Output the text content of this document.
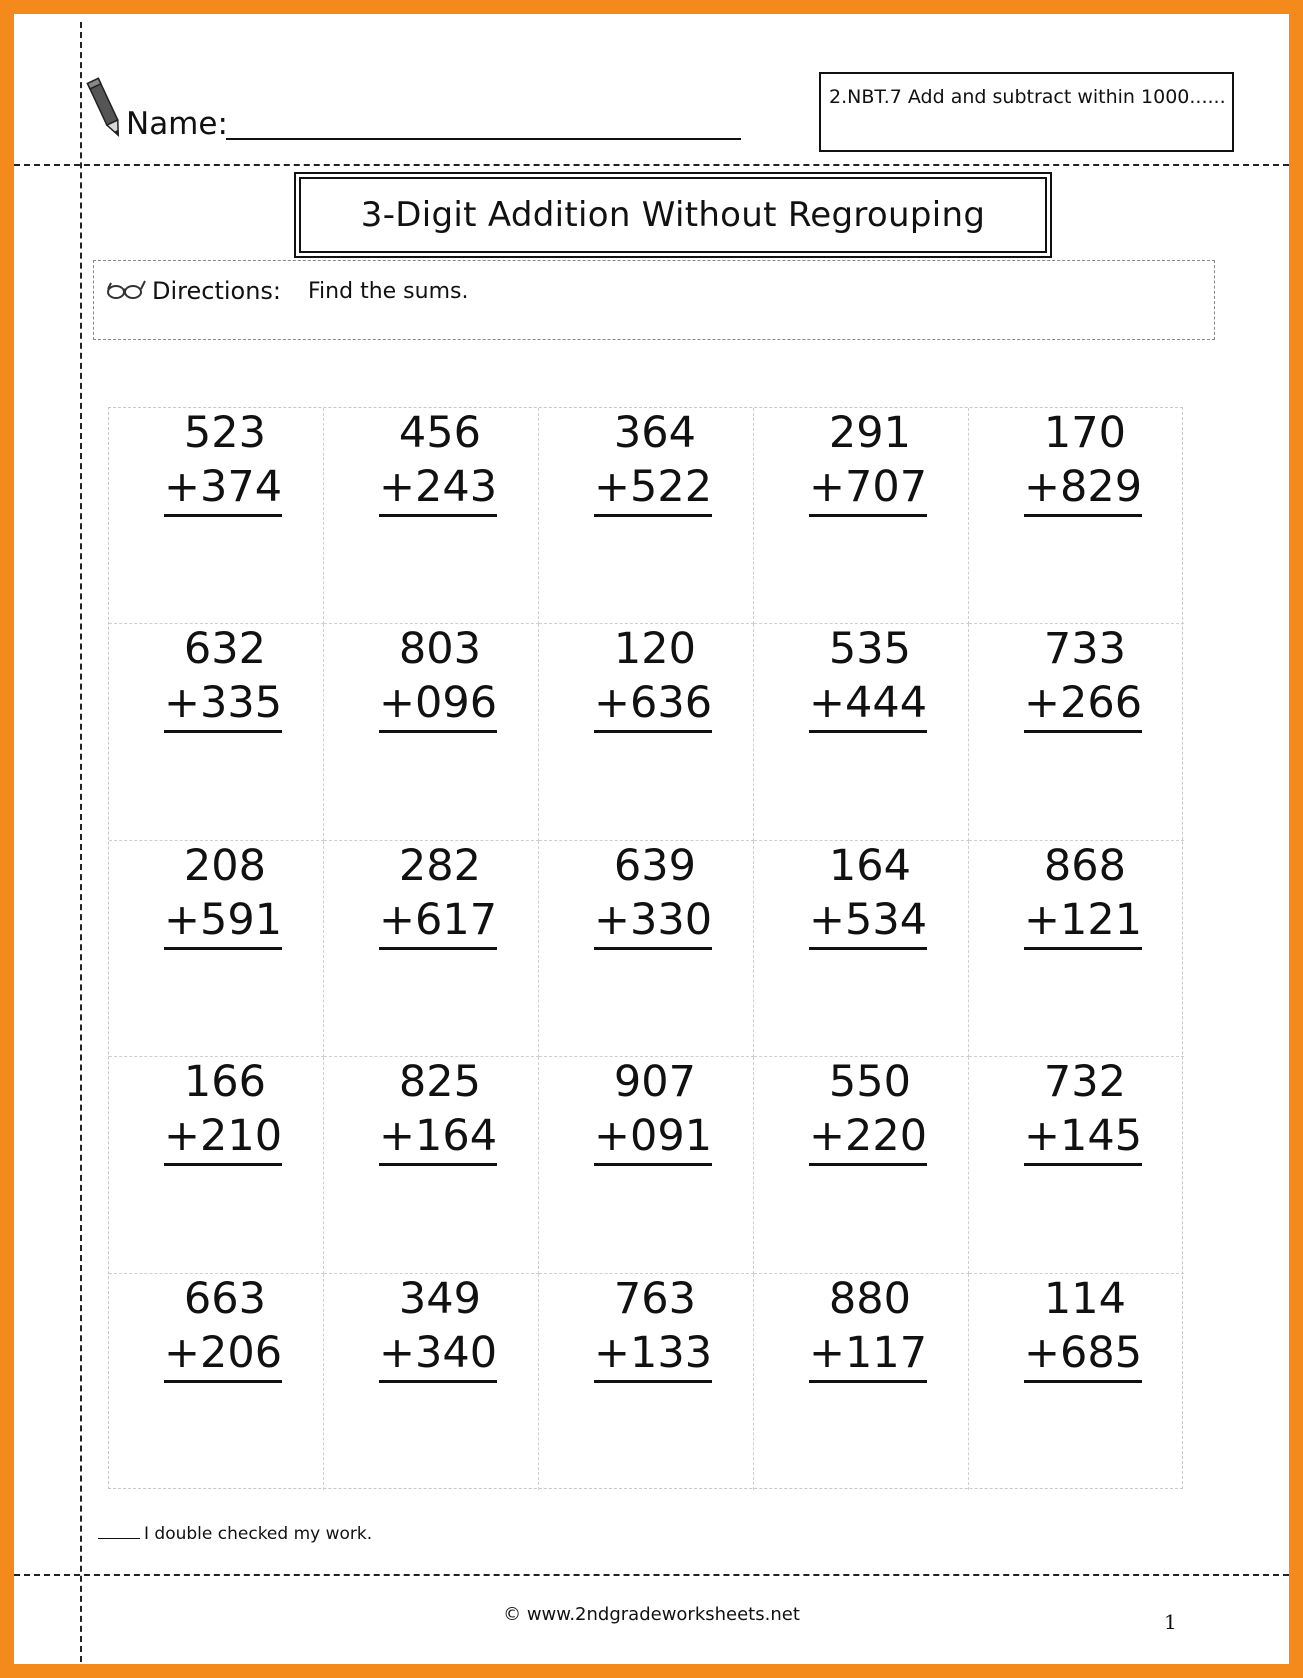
Name:
2.NBT.7 Add and subtract within 1000......
3-Digit Addition Without Regrouping
Directions: Find the sums.
523
+374
456
+243
364
+522
291
+707
170
+829
632
+335
803
+096
120
+636
535
+444
733
+266
208
+591
282
+617
639
+330
164
+534
868
+121
166
+210
825
+164
907
+091
550
+220
732
+145
663
+206
349
+340
763
+133
880
+117
114
+685
I double checked my work.
© www.2ndgradeworksheets.net	1
